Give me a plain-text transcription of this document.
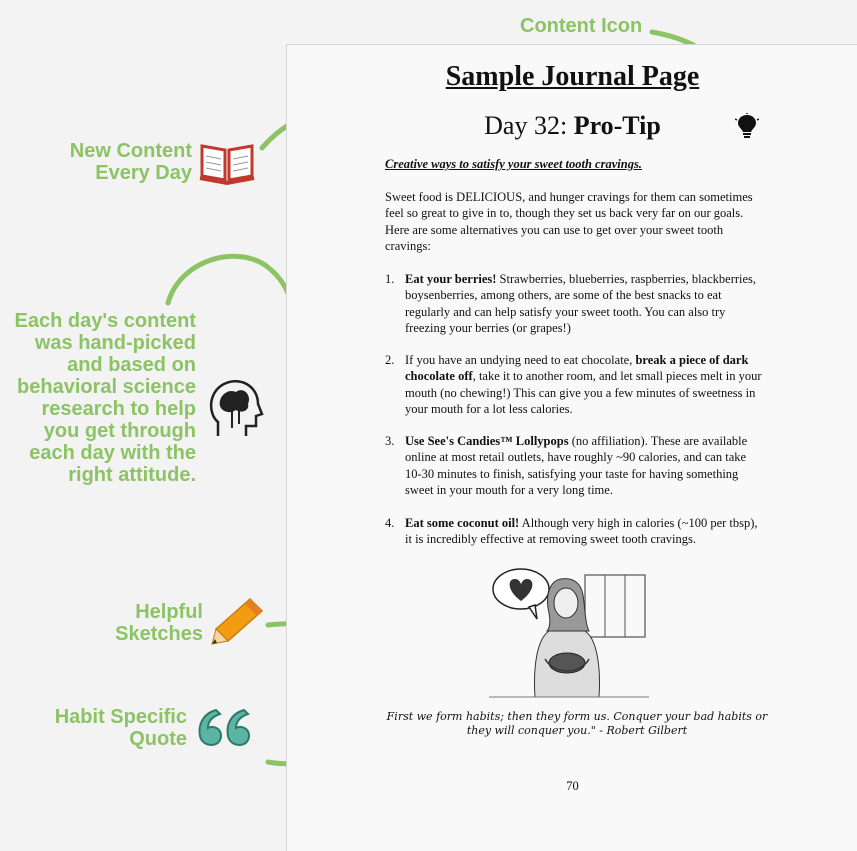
Content Icon
New Content
Every Day
Each day's content
was hand-picked
and based on
behavioral science
research to help
you get through
each day with the
right attitude.
Helpful
Sketches
Habit Specific
Quote
Sample Journal Page
Day 32: Pro-Tip
Creative ways to satisfy your sweet tooth cravings.
Sweet food is DELICIOUS, and hunger cravings for them can sometimes feel so great to give in to, though they set us back very far on our goals. Here are some alternatives you can use to get over your sweet tooth cravings:
1. Eat your berries! Strawberries, blueberries, raspberries, blackberries, boysenberries, among others, are some of the best snacks to eat regularly and can help satisfy your sweet tooth. You can also try freezing your berries (or grapes!)
2. If you have an undying need to eat chocolate, break a piece of dark chocolate off, take it to another room, and let small pieces melt in your mouth (no chewing!) This can give you a few minutes of sweetness in your mouth for a lot less calories.
3. Use See's Candies™ Lollypops (no affiliation). These are available online at most retail outlets, have roughly ~90 calories, and can take 10-30 minutes to finish, satisfying your taste for having something sweet in your mouth for a very long time.
4. Eat some coconut oil! Although very high in calories (~100 per tbsp), it is incredibly effective at removing sweet tooth cravings.
First we form habits; then they form us. Conquer your bad habits or they will conquer you." - Robert Gilbert
70
